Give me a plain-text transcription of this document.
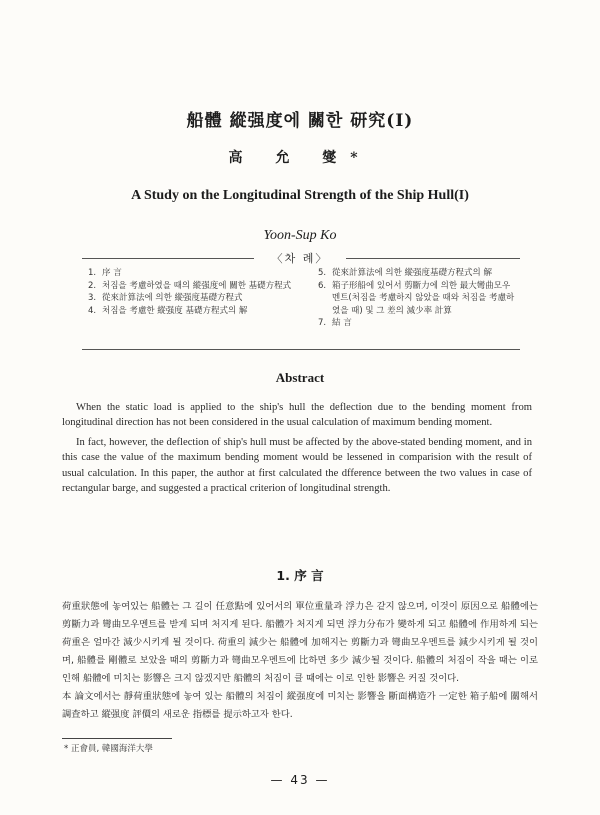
船體 縱强度에 關한 研究(I)
高 允 燮*
A Study on the Longitudinal Strength of the Ship Hull(I)
Yoon-Sup Ko
〈차 례〉
1. 序 言
2. 처짐을 考慮하였을 때의 縱强度에 關한 基礎方程式
3. 從來計算法에 의한 縱强度基礎方程式
4. 처짐을 考慮한 縱强度 基礎方程式의 解
5. 從來計算法에 의한 縱强度基礎方程式의 解
6. 箱子形船에 있어서 剪斷力에 의한 最大彎曲모우멘트(처짐을 考慮하지 않았을 때와 처짐을 考慮하였을 때) 및 그 差의 減少率 計算
7. 結 言
Abstract

When the static load is applied to the ship's hull the deflection due to the bending moment from longitudinal direction has not been considered in the usual calculation of maximum bending moment.

In fact, however, the deflection of ship's hull must be affected by the above-stated bending moment, and in this case the value of the maximum bending moment would be lessened in comparision with the result of usual calculation. In this paper, the author at first calculated the dfference between the two values in case of rectangular barge, and suggested a practical criterion of longitudinal strength.

1. 序 言

荷重狀態에 놓여있는 船體는 그 길이 任意點에 있어서의 單位重量과 浮力은 같지 않으며, 이것이 原因으로 船體에는 剪斷力과 彎曲모우멘트를 받게 되며 처지게 된다. 船體가 처지게 되면 浮力分布가 變하게 되고 船體에 作用하게 되는 荷重은 얼마간 減少시키게 될 것이다. 荷重의 減少는 船體에 加해지는 剪斷力과 彎曲모우멘트를 減少시키게 될 것이며, 船體를 剛體로 보았을 때의 剪斷力과 彎曲모우멘트에 比하면 多少 減少될 것이다. 船體의 처짐이 작을 때는 이로 인해 船體에 미치는 影響은 크지 않겠지만 船體의 처짐이 클 때에는 이로 인한 影響은 커질 것이다.

本 論文에서는 靜荷重狀態에 놓여 있는 船體의 처짐이 縱强度에 미치는 影響을 斷面構造가 一定한 箱子船에 關해서 調査하고 縱强度 評價의 새로운 指標를 提示하고자 한다.

* 正會員, 韓國海洋大學
— 43 —
